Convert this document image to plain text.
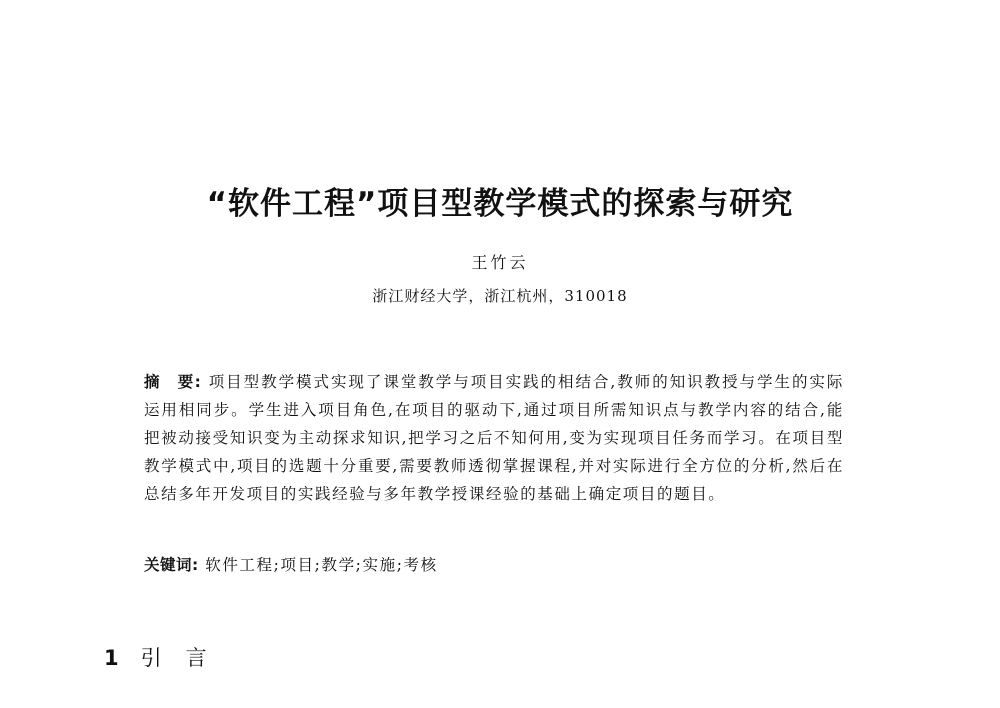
“软件工程”项目型教学模式的探索与研究
王竹云
浙江财经大学，浙江杭州，310018
摘　要: 项目型教学模式实现了课堂教学与项目实践的相结合,教师的知识教授与学生的实际运用相同步。学生进入项目角色,在项目的驱动下,通过项目所需知识点与教学内容的结合,能把被动接受知识变为主动探求知识,把学习之后不知何用,变为实现项目任务而学习。在项目型教学模式中,项目的选题十分重要,需要教师透彻掌握课程,并对实际进行全方位的分析,然后在总结多年开发项目的实践经验与多年教学授课经验的基础上确定项目的题目。
关键词: 软件工程;项目;教学;实施;考核
1 引言
